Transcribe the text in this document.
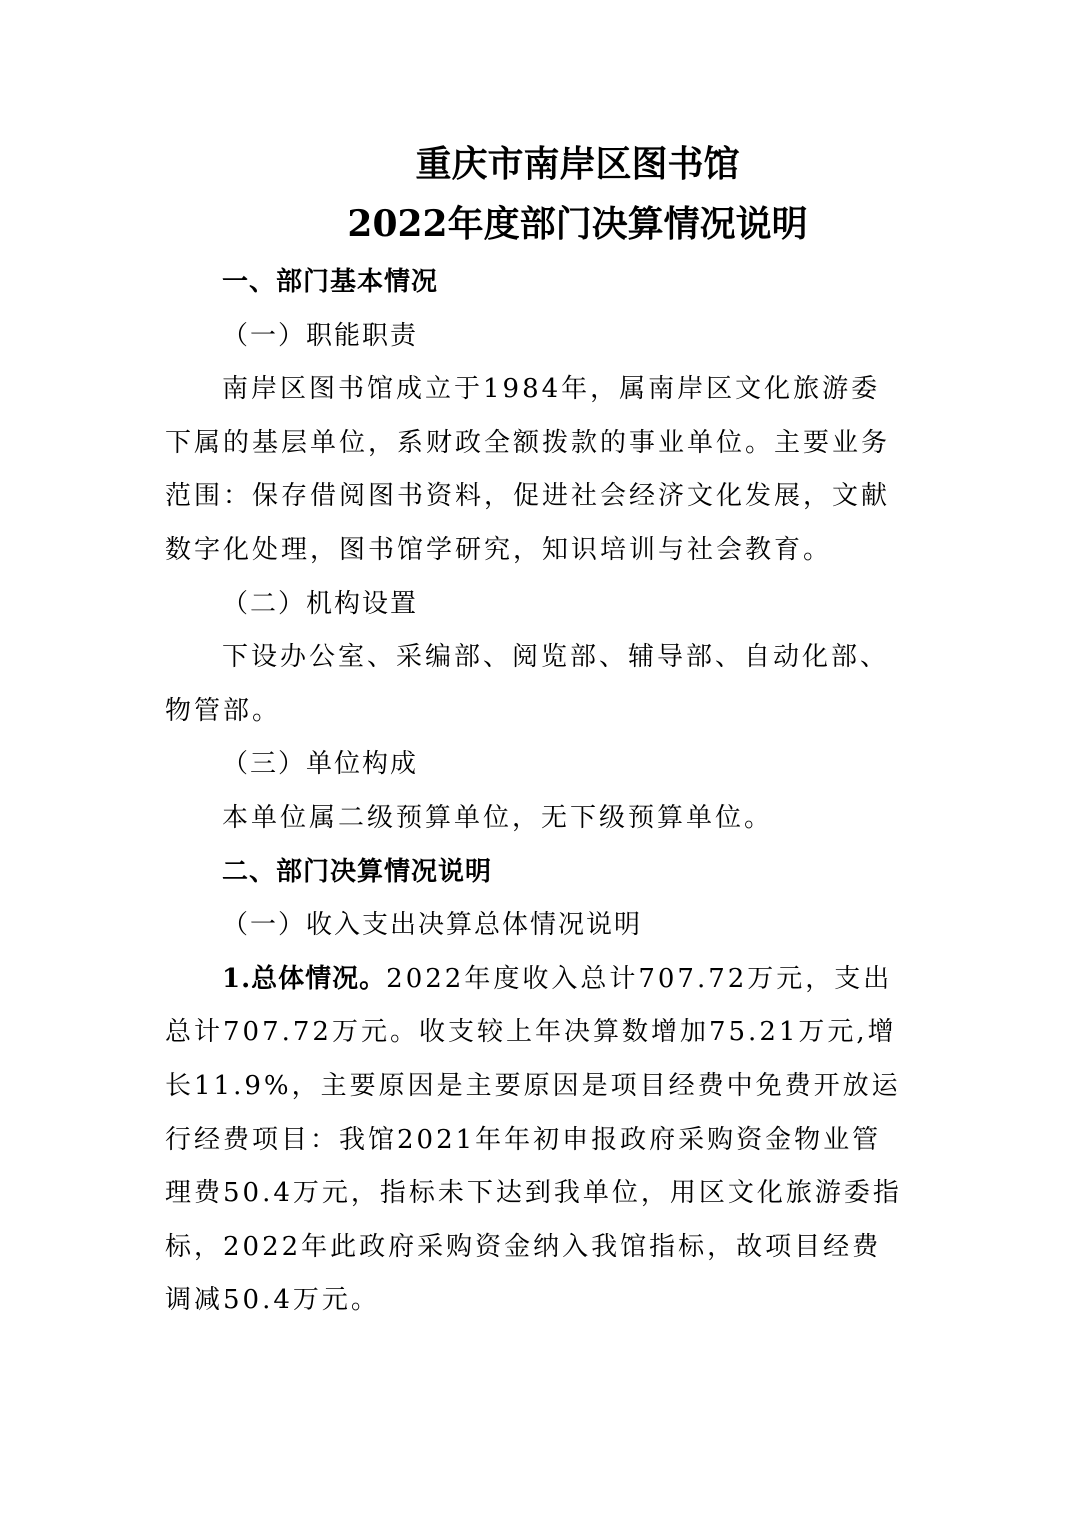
重庆市南岸区图书馆
2022年度部门决算情况说明

一、部门基本情况

（一）职能职责

南岸区图书馆成立于1984年，属南岸区文化旅游委下属的基层单位，系财政全额拨款的事业单位。主要业务范围：保存借阅图书资料，促进社会经济文化发展，文献数字化处理，图书馆学研究，知识培训与社会教育。

（二）机构设置

下设办公室、采编部、阅览部、辅导部、自动化部、物管部。

（三）单位构成

本单位属二级预算单位，无下级预算单位。

二、部门决算情况说明

（一）收入支出决算总体情况说明

1.总体情况。2022年度收入总计707.72万元，支出总计707.72万元。收支较上年决算数增加75.21万元,增长11.9%，主要原因是主要原因是项目经费中免费开放运行经费项目：我馆2021年年初申报政府采购资金物业管理费50.4万元，指标未下达到我单位，用区文化旅游委指标，2022年此政府采购资金纳入我馆指标，故项目经费调减50.4万元。
